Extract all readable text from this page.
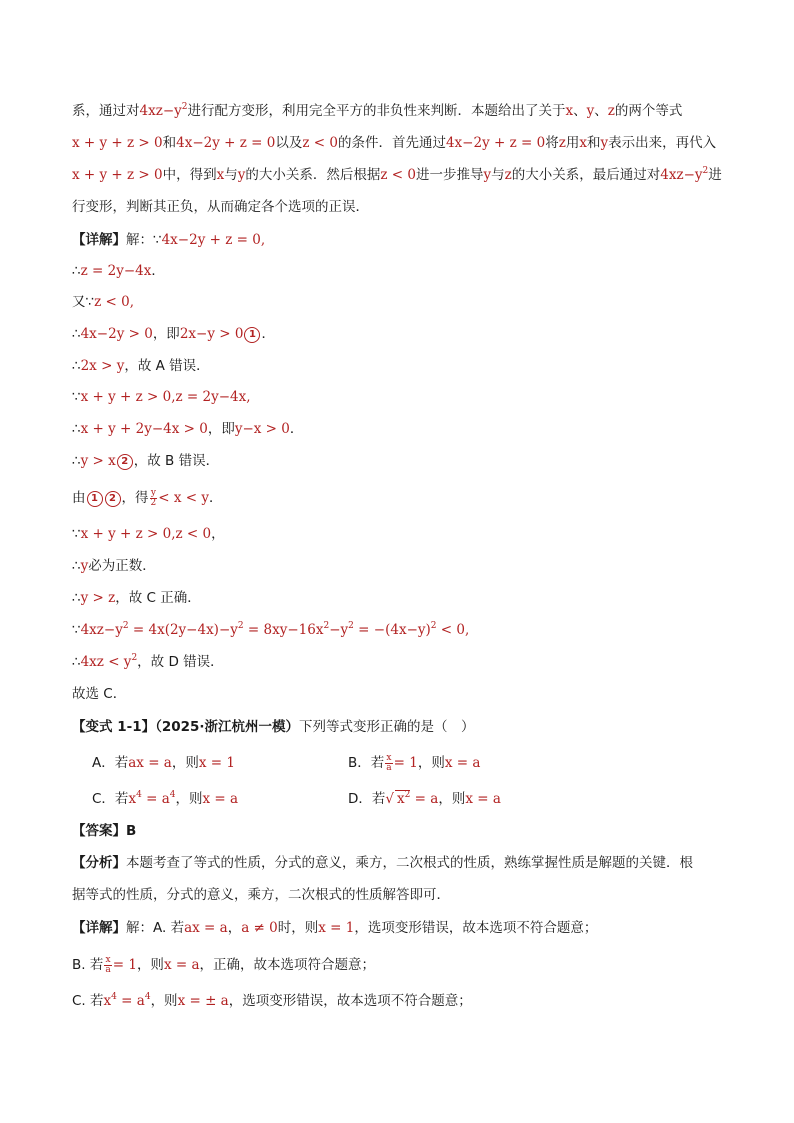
系，通过对$4xz-y^2$进行配方变形，利用完全平方的非负性来判断．本题给出了关于x、y、z的两个等式
x + y + z > 0和4x−2y + z = 0以及z < 0的条件．首先通过4x−2y + z = 0将z用x和y表示出来，再代入
x + y + z > 0中，得到x与y的大小关系．然后根据z < 0进一步推导y与z的大小关系，最后通过对$4xz-y^2$进
行变形，判断其正负，从而确定各个选项的正误．
【详解】解：∵4x−2y + z = 0,
∴z = 2y−4x．
又∵z < 0,
∴4x−2y > 0，即2x−y > 0 1 ．
∴2x > y，故 A 错误．
∵x + y + z > 0,z = 2y−4x,
∴x + y + 2y−4x > 0，即y−x > 0．
∴y > x 2 ，故 B 错误．
由 1 2 ，得 $\frac{y}{2} < x < y$．
∵x + y + z > 0,z < 0，
∴y必为正数．
∴y > z，故 C 正确．
$\because 4xz-y^2 = 4x(2y-4x)-y^2 = 8xy-16x^2-y^2 = -(4x-y)^2 < 0$,
∴4xz < $y^2$，故 D 错误．
故选 C．
【变式 1-1】（2025·浙江杭州一模）下列等式变形正确的是（　）
A．若ax = a，则x = 1	B．若 $\frac{x}{a} = 1$，则x = a
C．若$x^4 = a^4$，则x = a	D．若√ $x^2 = a$，则x = a
【答案】B
【分析】本题考查了等式的性质，分式的意义，乘方，二次根式的性质，熟练掌握性质是解题的关键．根
据等式的性质，分式的意义，乘方，二次根式的性质解答即可．
【详解】解：A. 若ax = a，a ≠ 0时，则x = 1，选项变形错误，故本选项不符合题意；
B. 若 $\frac{x}{a} = 1$，则x = a，正确，故本选项符合题意；
C. 若$x^4 = a^4$，则x = ± a，选项变形错误，故本选项不符合题意；
